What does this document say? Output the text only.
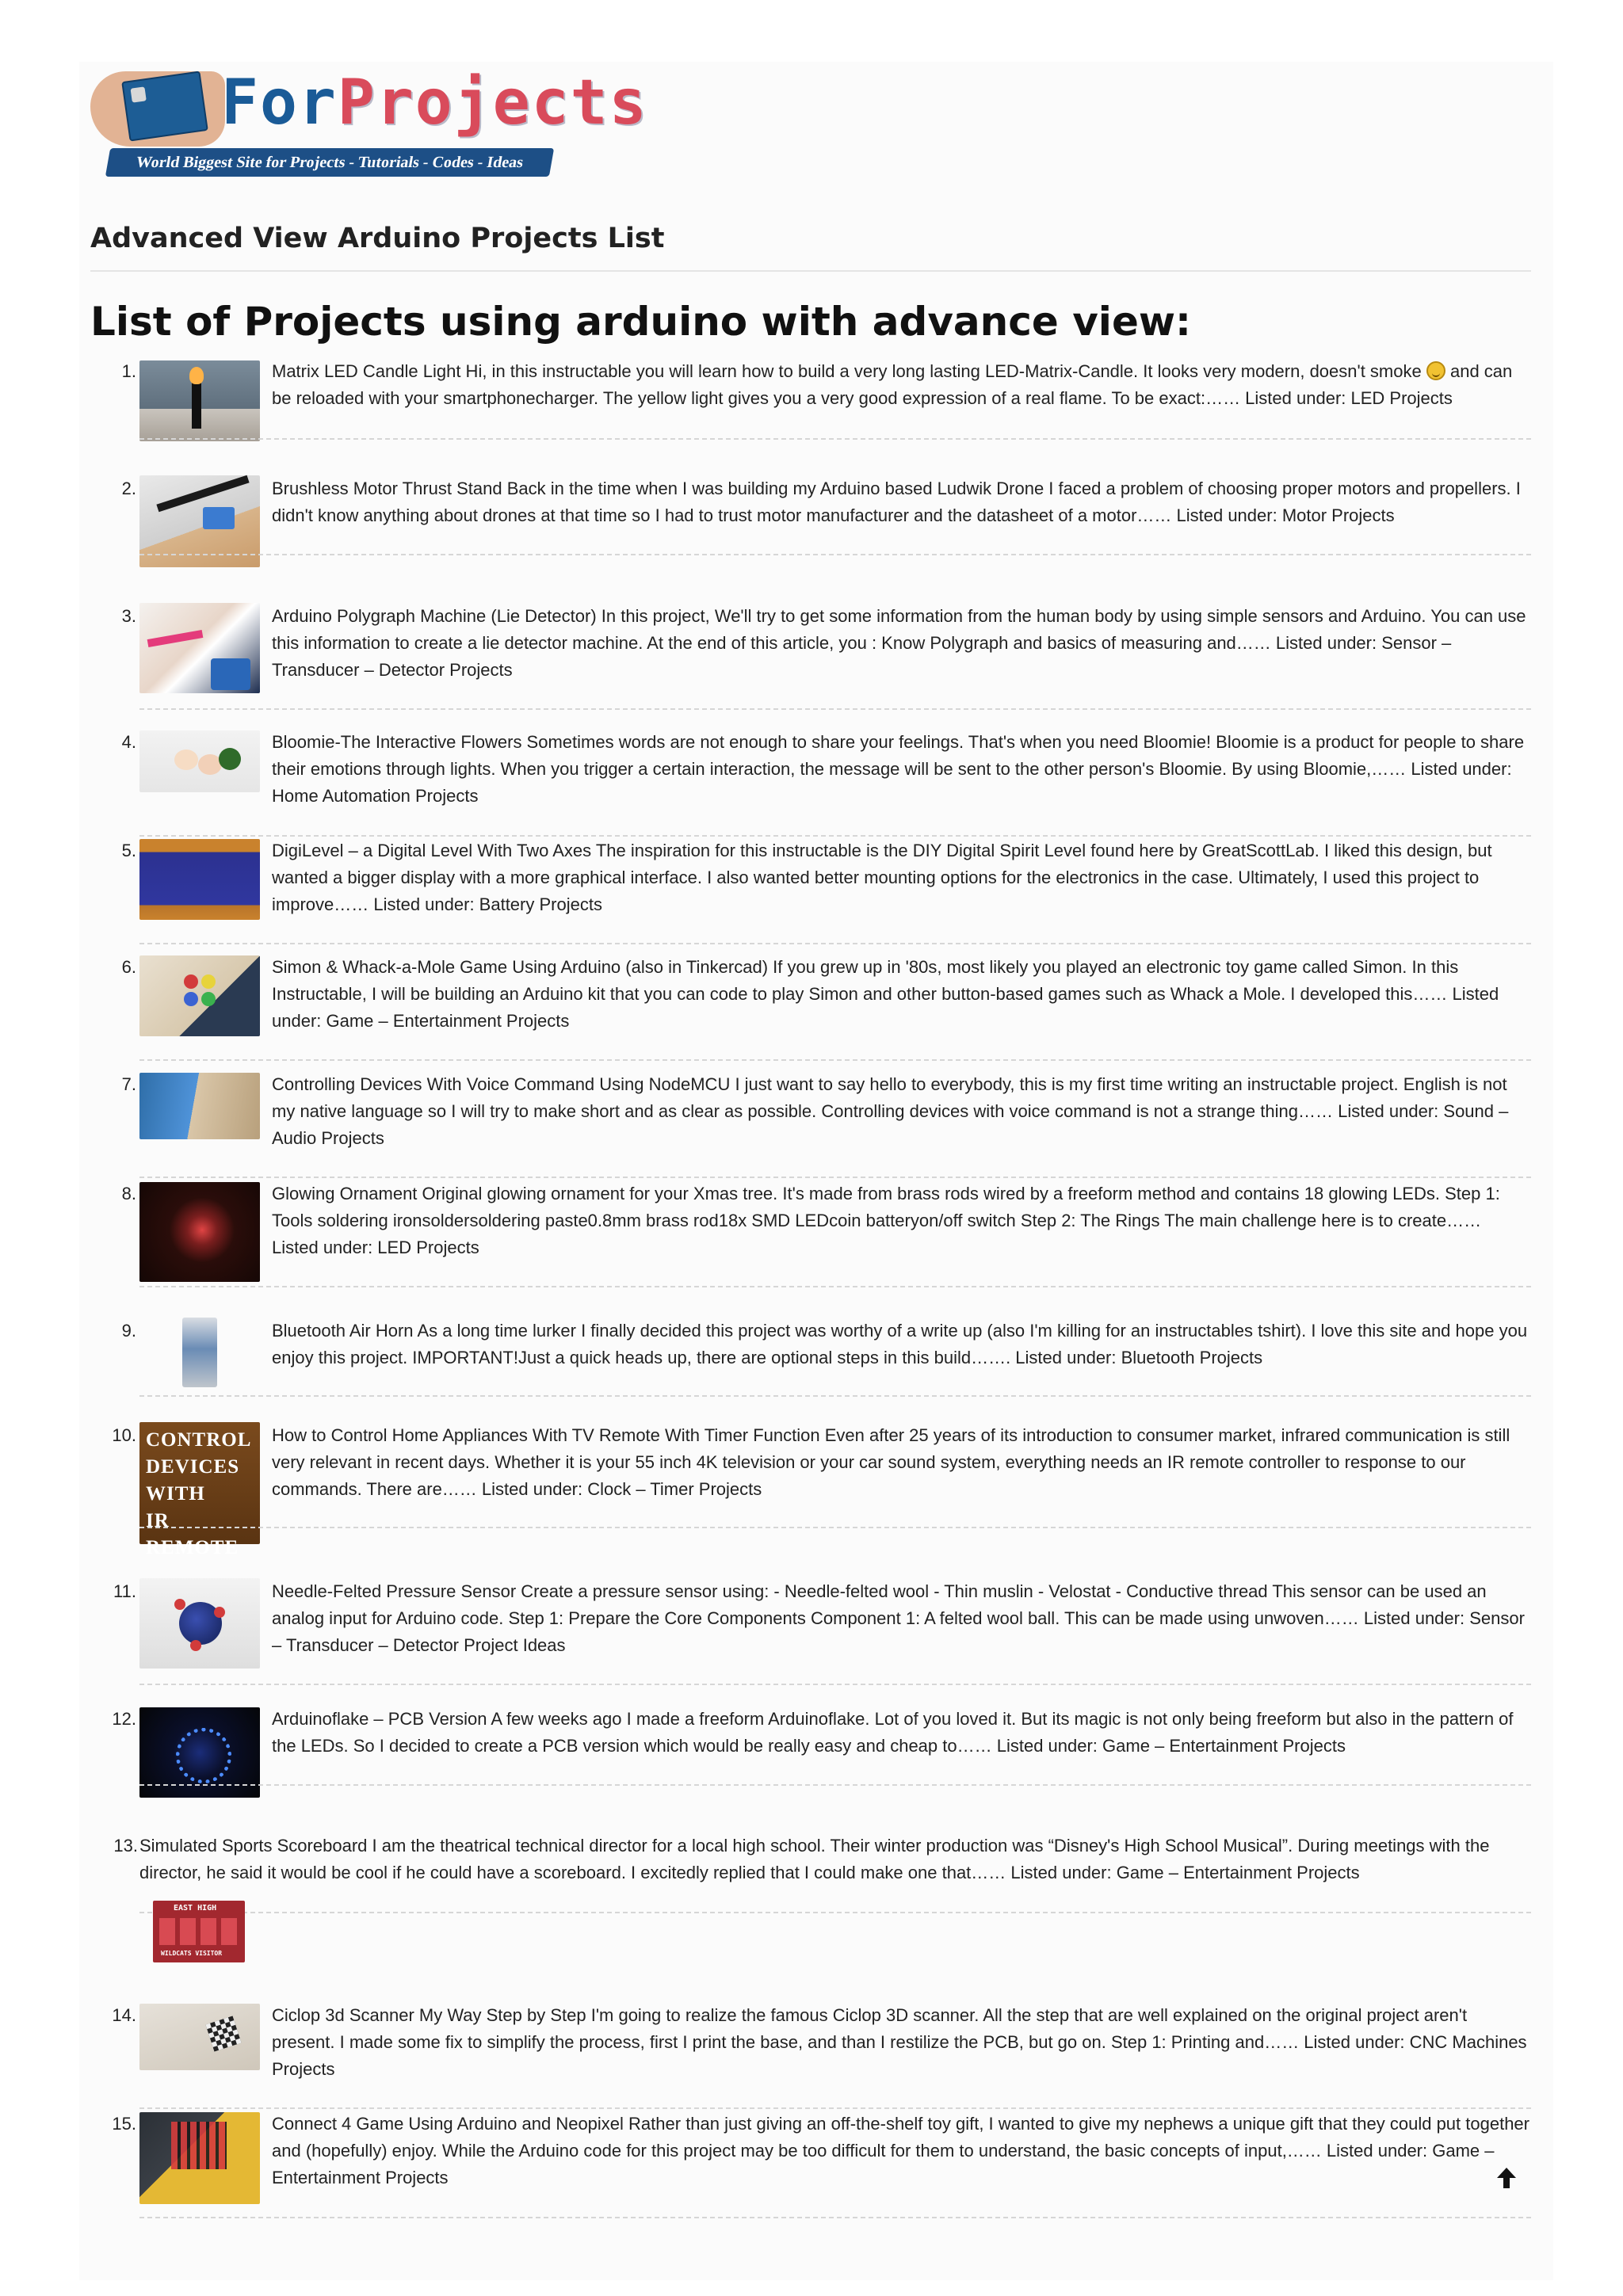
ForProjects
World Biggest Site for Projects - Tutorials - Codes - Ideas
Advanced View Arduino Projects List
List of Projects using arduino with advance view:
1.	Matrix LED Candle Light Hi, in this instructable you will learn how to build a very long lasting LED-Matrix-Candle. It looks very modern, doesn't smoke and can be reloaded with your smartphonecharger. The yellow light gives you a very good expression of a real flame. To be exact:…… Listed under: LED Projects

2.	Brushless Motor Thrust Stand Back in the time when I was building my Arduino based Ludwik Drone I faced a problem of choosing proper motors and propellers. I didn't know anything about drones at that time so I had to trust motor manufacturer and the datasheet of a motor…… Listed under: Motor Projects

3.	Arduino Polygraph Machine (Lie Detector) In this project, We'll try to get some information from the human body by using simple sensors and Arduino. You can use this information to create a lie detector machine. At the end of this article, you : Know Polygraph and basics of measuring and…… Listed under: Sensor – Transducer – Detector Projects

4.	Bloomie-The Interactive Flowers Sometimes words are not enough to share your feelings. That's when you need Bloomie! Bloomie is a product for people to share their emotions through lights. When you trigger a certain interaction, the message will be sent to the other person's Bloomie. By using Bloomie,…… Listed under: Home Automation Projects

5.	DigiLevel – a Digital Level With Two Axes The inspiration for this instructable is the DIY Digital Spirit Level found here by GreatScottLab. I liked this design, but wanted a bigger display with a more graphical interface. I also wanted better mounting options for the electronics in the case. Ultimately, I used this project to improve…… Listed under: Battery Projects

6.	Simon & Whack-a-Mole Game Using Arduino (also in Tinkercad) If you grew up in '80s, most likely you played an electronic toy game called Simon. In this Instructable, I will be building an Arduino kit that you can code to play Simon and other button-based games such as Whack a Mole. I developed this…… Listed under: Game – Entertainment Projects

7.	Controlling Devices With Voice Command Using NodeMCU I just want to say hello to everybody, this is my first time writing an instructable project. English is not my native language so I will try to make short and as clear as possible. Controlling devices with voice command is not a strange thing…… Listed under: Sound – Audio Projects

8.	Glowing Ornament Original glowing ornament for your Xmas tree. It's made from brass rods wired by a freeform method and contains 18 glowing LEDs. Step 1: Tools soldering ironsoldersoldering paste0.8mm brass rod18x SMD LEDcoin batteryon/off switch Step 2: The Rings The main challenge here is to create…… Listed under: LED Projects

9.	Bluetooth Air Horn As a long time lurker I finally decided this project was worthy of a write up (also I'm killing for an instructables tshirt). I love this site and hope you enjoy this project. IMPORTANT!Just a quick heads up, there are optional steps in this build……. Listed under: Bluetooth Projects

10. CONTROL
DEVICES
WITH
IR REMOTE

How to Control Home Appliances With TV Remote With Timer Function Even after 25 years of its introduction to consumer market, infrared communication is still very relevant in recent days. Whether it is your 55 inch 4K television or your car sound system, everything needs an IR remote controller to response to our commands. There are…… Listed under: Clock – Timer Projects

11.	Needle-Felted Pressure Sensor Create a pressure sensor using: - Needle-felted wool - Thin muslin - Velostat - Conductive thread This sensor can be used an analog input for Arduino code. Step 1: Prepare the Core Components Component 1: A felted wool ball. This can be made using unwoven…… Listed under: Sensor – Transducer – Detector Project Ideas

12.	Arduinoflake – PCB Version A few weeks ago I made a freeform Arduinoflake. Lot of you loved it. But its magic is not only being freeform but also in the pattern of the LEDs. So I decided to create a PCB version which would be really easy and cheap to…… Listed under: Game – Entertainment Projects

13. Simulated Sports Scoreboard I am the theatrical technical director for a local high school. Their winter production was “Disney's High School Musical”. During meetings with the director, he said it would be cool if he could have a scoreboard. I excitedly replied that I could make one that…… Listed under: Game – Entertainment Projects

EAST HIGH
WILDCATS VISITOR
14.	Ciclop 3d Scanner My Way Step by Step I'm going to realize the famous Ciclop 3D scanner. All the step that are well explained on the original project aren't present. I made some fix to simplify the process, first I print the base, and than I restilize the PCB, but go on. Step 1: Printing and…… Listed under: CNC Machines Projects

15.	Connect 4 Game Using Arduino and Neopixel Rather than just giving an off-the-shelf toy gift, I wanted to give my nephews a unique gift that they could put together and (hopefully) enjoy. While the Arduino code for this project may be too difficult for them to understand, the basic concepts of input,…… Listed under: Game – Entertainment Projects
